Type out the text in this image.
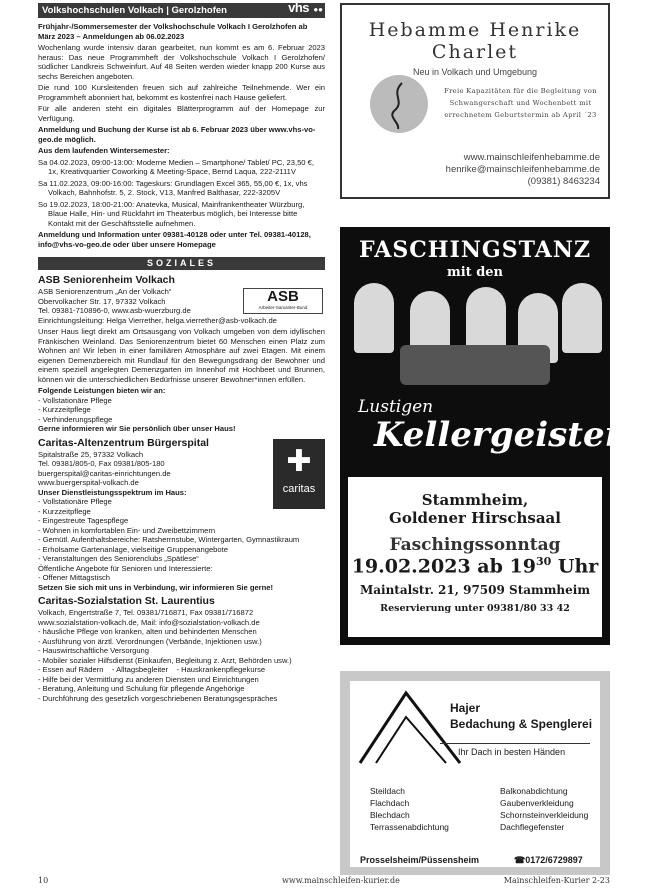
Volkshochschulen Volkach | Gerolzhofen	vhs ●●
●●

Frühjahr-/Sommersemester der Volkshochschule Volkach I Gerolzhofen ab März 2023 – Anmeldungen ab 06.02.2023

Wochenlang wurde intensiv daran gearbeitet, nun kommt es am 6. Februar 2023 heraus: Das neue Programmheft der Volkshochschule Volkach I Gerolzhofen/ südlicher Landkreis Schweinfurt. Auf 48 Seiten werden wieder knapp 200 Kurse aus sechs Bereichen angeboten.

Die rund 100 Kursleitenden freuen sich auf zahlreiche Teilnehmende. Wer ein Programmheft abonniert hat, bekommt es kostenfrei nach Hause geliefert.

Für alle anderen steht ein digitales Blätterprogramm auf der Homepage zur Verfügung.

Anmeldung und Buchung der Kurse ist ab 6. Februar 2023 über www.vhs-vo-geo.de möglich.

Aus dem laufenden Wintersemester:

Sa 04.02.2023, 09:00-13:00: Moderne Medien – Smartphone/ Tablet/ PC, 23,50 €, 1x, Kreativquartier Coworking & Meeting-Space, Bernd Laqua, 222-2111V

Sa 11.02.2023, 09:00-16:00: Tageskurs: Grundlagen Excel 365, 55,00 €, 1x, vhs Volkach, Bahnhofstr. 5, 2. Stock, V13, Manfred Balthasar, 222-3205V

So 19.02.2023, 18:00-21:00: Anatevka, Musical, Mainfrankentheater Würzburg, Blaue Halle, Hin- und Rückfahrt im Theaterbus möglich, bei Interesse bitte Kontakt mit der Geschäftsstelle aufnehmen.

Anmeldung und Information unter 09381-40128 oder unter Tel. 09381-40128, info@vhs-vo-geo.de oder über unsere Homepage

SOZIALES
ASB Seniorenheim Volkach
ASB
Arbeiter-Samariter-Bund
ASB Seniorenzentrum „An der Volkach“
Obervolkacher Str. 17, 97332 Volkach
Tel. 09381-710896-0, www.asb-wuerzburg.de
Einrichtungsleitung: Helga Vierrether, helga.vierrether@asb-volkach.de

Unser Haus liegt direkt am Ortsausgang von Volkach umgeben von dem idyllischen Fränkischen Weinland. Das Seniorenzentrum bietet 60 Menschen einen Platz zum Wohnen an! Wir leben in einer familiären Atmosphäre auf zwei Etagen. Mit einem eigenen Demenzbereich mit Rundlauf für den Bewegungsdrang der Bewohner und einem speziell angelegten Demenzgarten im Innenhof mit Hochbeet und Brunnen, können wir die unterschiedlichen Bedürfnisse unserer Bewohner*innen erfüllen.

Folgende Leistungen bieten wir an:
- Vollstationäre Pflege
- Kurzzeitpflege
- Verhinderungspflege
Gerne informieren wir Sie persönlich über unser Haus!
Caritas-Altenzentrum Bürgerspital
✚
caritas
Spitalstraße 25, 97332 Volkach
Tel. 09381/805-0, Fax 09381/805-180
buergerspital@caritas-einrichtungen.de
www.buergerspital-volkach.de
Unser Dienstleistungsspektrum im Haus:
- Vollstationäre Pflege
- Kurzzeitpflege
- Eingestreute Tagespflege
- Wohnen in komfortablen Ein- und Zweibettzimmern
- Gemütl. Aufenthaltsbereiche: Ratsherrnstube, Wintergarten, Gymnastikraum
- Erholsame Gartenanlage, vielseitige Gruppenangebote
- Veranstaltungen des Seniorenclubs „Spätlese“
Öffentliche Angebote für Senioren und Interessierte:
- Offener Mittagstisch
Setzen Sie sich mit uns in Verbindung, wir informieren Sie gerne!
Caritas-Sozialstation St. Laurentius
Volkach, Engertstraße 7, Tel. 09381/716871, Fax 09381/716872
www.sozialstation-volkach.de, Mail: info@sozialstation-volkach.de
- häusliche Pflege von kranken, alten und behinderten Menschen
- Ausführung von ärztl. Verordnungen (Verbände, Injektionen usw.)
- Hauswirtschaftliche Versorgung
- Mobiler sozialer Hilfsdienst (Einkaufen, Begleitung z. Arzt, Behörden usw.)
- Essen auf Rädern    - Alltagsbegleiter    - Hauskrankenpflegekurse
- Hilfe bei der Vermittlung zu anderen Diensten und Einrichtungen
- Beratung, Anleitung und Schulung für pflegende Angehörige
- Durchführung des gesetzlich vorgeschriebenen Beratungsgespräches
Hebamme Henrike Charlet
Neu in Volkach und Umgebung
Freie Kapazitäten für die Begleitung von Schwangerschaft und Wochenbett mit errechnetem Geburtstermin ab April ´23
www.mainschleifenhebamme.de
henrike@mainschleifenhebamme.de
(09381) 8463234
FASCHINGSTANZ
mit den
Lustigen
Kellergeistern
Stammheim,
Goldener Hirschsaal
Faschingssonntag
19.02.2023 ab $19^{30}$ Uhr
Maintalstr. 21, 97509 Stammheim
Reservierung unter 09381/80 33 42
Hajer
Bedachung & Spenglerei
Ihr Dach in besten Händen
Steildach
Flachdach
Blechdach
Terrassenabdichtung
Balkonabdichtung
Gaubenverkleidung
Schornsteinverkleidung
Dachflegefenster
Prosselsheim/Püssensheim	☎0172/6729897
10	www.mainschleifen-kurier.de	Mainschleifen-Kurier 2-23
